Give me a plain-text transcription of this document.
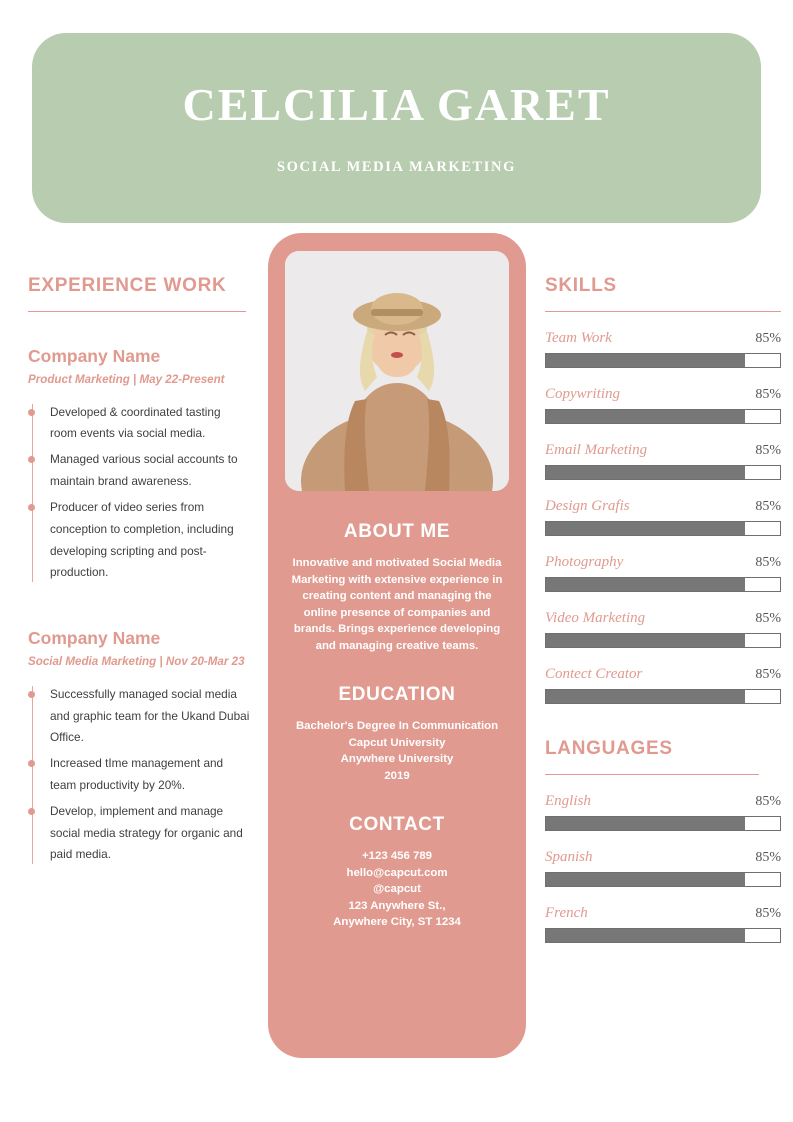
CELCILIA GARET
SOCIAL MEDIA MARKETING
EXPERIENCE WORK
Company Name
Product Marketing | May 22-Present
Developed & coordinated tasting room events via social media.
Managed various social accounts to maintain brand awareness.
Producer of video series from conception to completion, including developing scripting and post-production.
Company Name
Social Media Marketing | Nov 20-Mar 23
Successfully managed social media and graphic team for the Ukand Dubai Office.
Increased tIme management and team productivity by 20%.
Develop, implement and manage social media strategy for organic and paid media.
ABOUT ME
Innovative and motivated Social Media Marketing with extensive experience in creating content and managing the online presence of companies and brands. Brings experience developing and managing creative teams.
EDUCATION
Bachelor's Degree In Communication
Capcut University
Anywhere University
2019
CONTACT
+123 456 789
hello@capcut.com
@capcut
123 Anywhere St.,
Anywhere City, ST 1234
SKILLS
Team Work	85%
Copywriting	85%
Email Marketing	85%
Design Grafis	85%
Photography	85%
Video Marketing	85%
Contect Creator	85%
LANGUAGES
English	85%
Spanish	85%
French	85%
